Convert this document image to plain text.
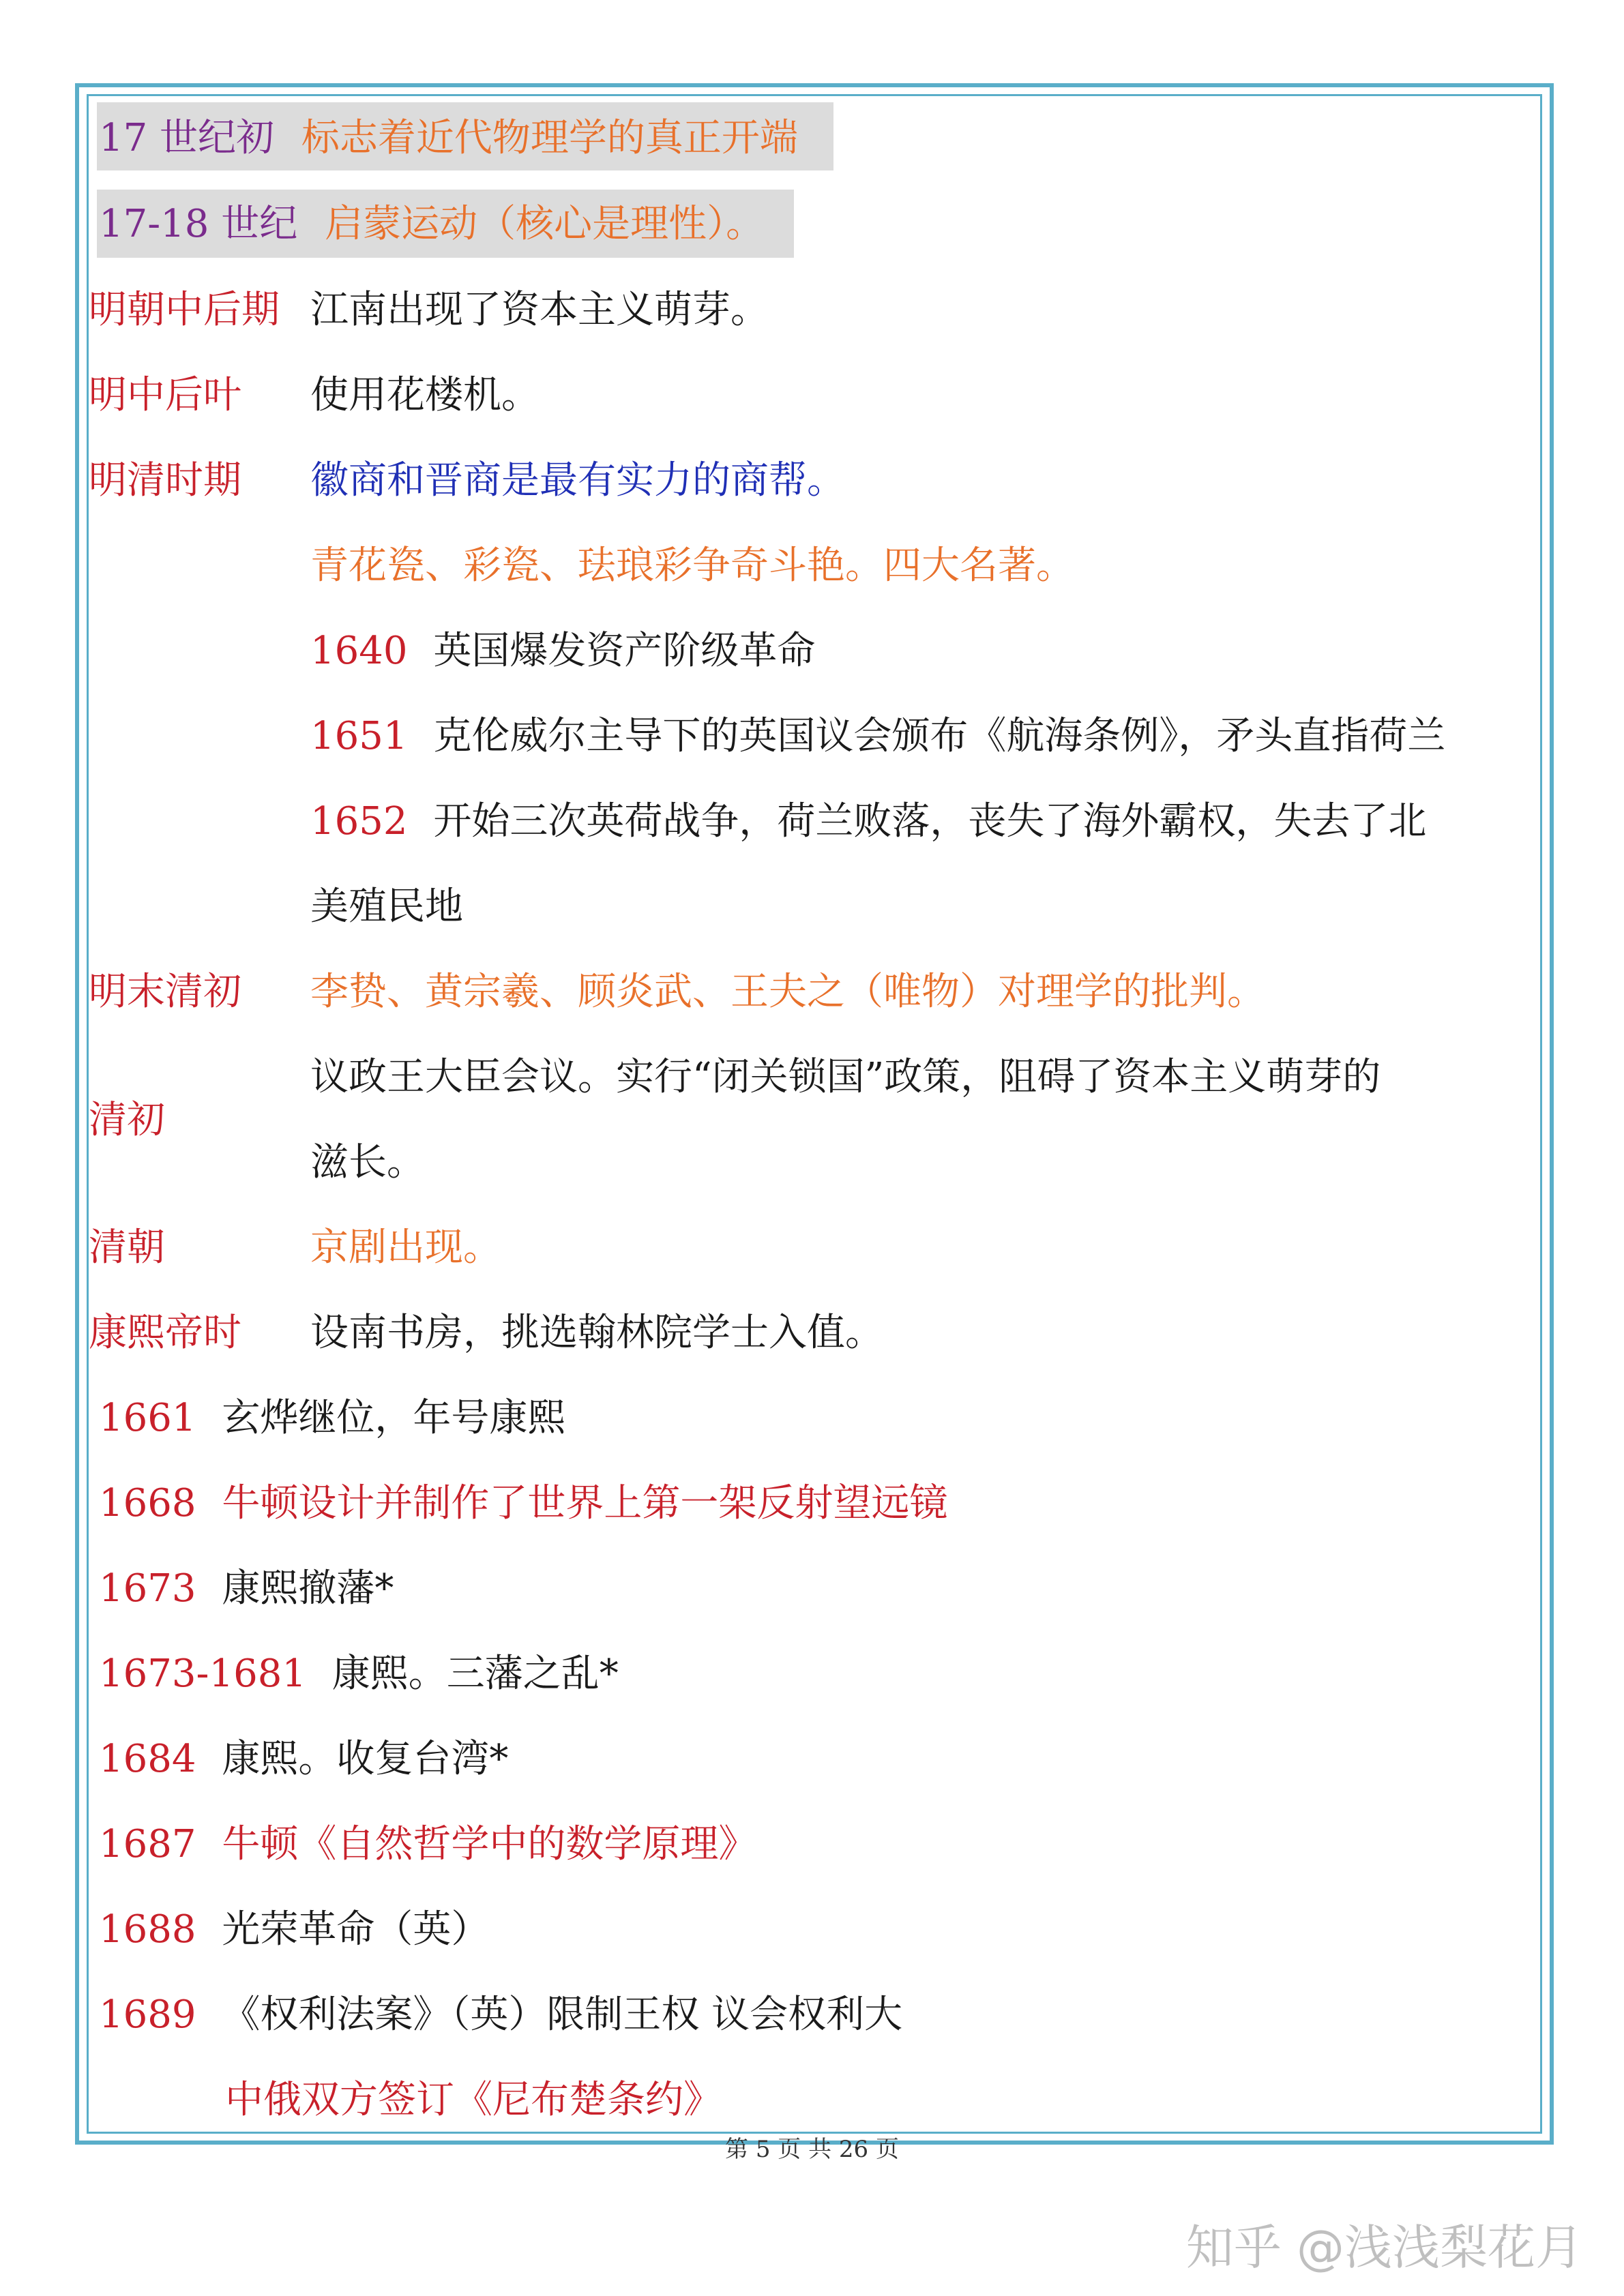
17 世纪初 标志着近代物理学的真正开端
17-18 世纪 启蒙运动（核心是理性）。
明朝中后期 江南出现了资本主义萌芽。
明中后叶 使用花楼机。
明清时期 徽商和晋商是最有实力的商帮。
青花瓷、彩瓷、珐琅彩争奇斗艳。四大名著。
1640 英国爆发资产阶级革命
1651 克伦威尔主导下的英国议会颁布《航海条例》，矛头直指荷兰
1652 开始三次英荷战争，荷兰败落，丧失了海外霸权，失去了北
美殖民地
明末清初 李贽、黄宗羲、顾炎武、王夫之（唯物）对理学的批判。
清初
议政王大臣会议。实行“闭关锁国”政策，阻碍了资本主义萌芽的
滋长。
清朝	京剧出现。
康熙帝时 设南书房，挑选翰林院学士入值。
1661 玄烨继位，年号康熙
1668 牛顿设计并制作了世界上第一架反射望远镜
1673 康熙撤藩*
1673-1681 康熙。三藩之乱*
1684 康熙。收复台湾*
1687 牛顿《自然哲学中的数学原理》
1688 光荣革命（英）
1689 《权利法案》（英）限制王权 议会权利大
中俄双方签订《尼布楚条约》
第 5 页 共 26 页
知乎 @浅浅梨花月
